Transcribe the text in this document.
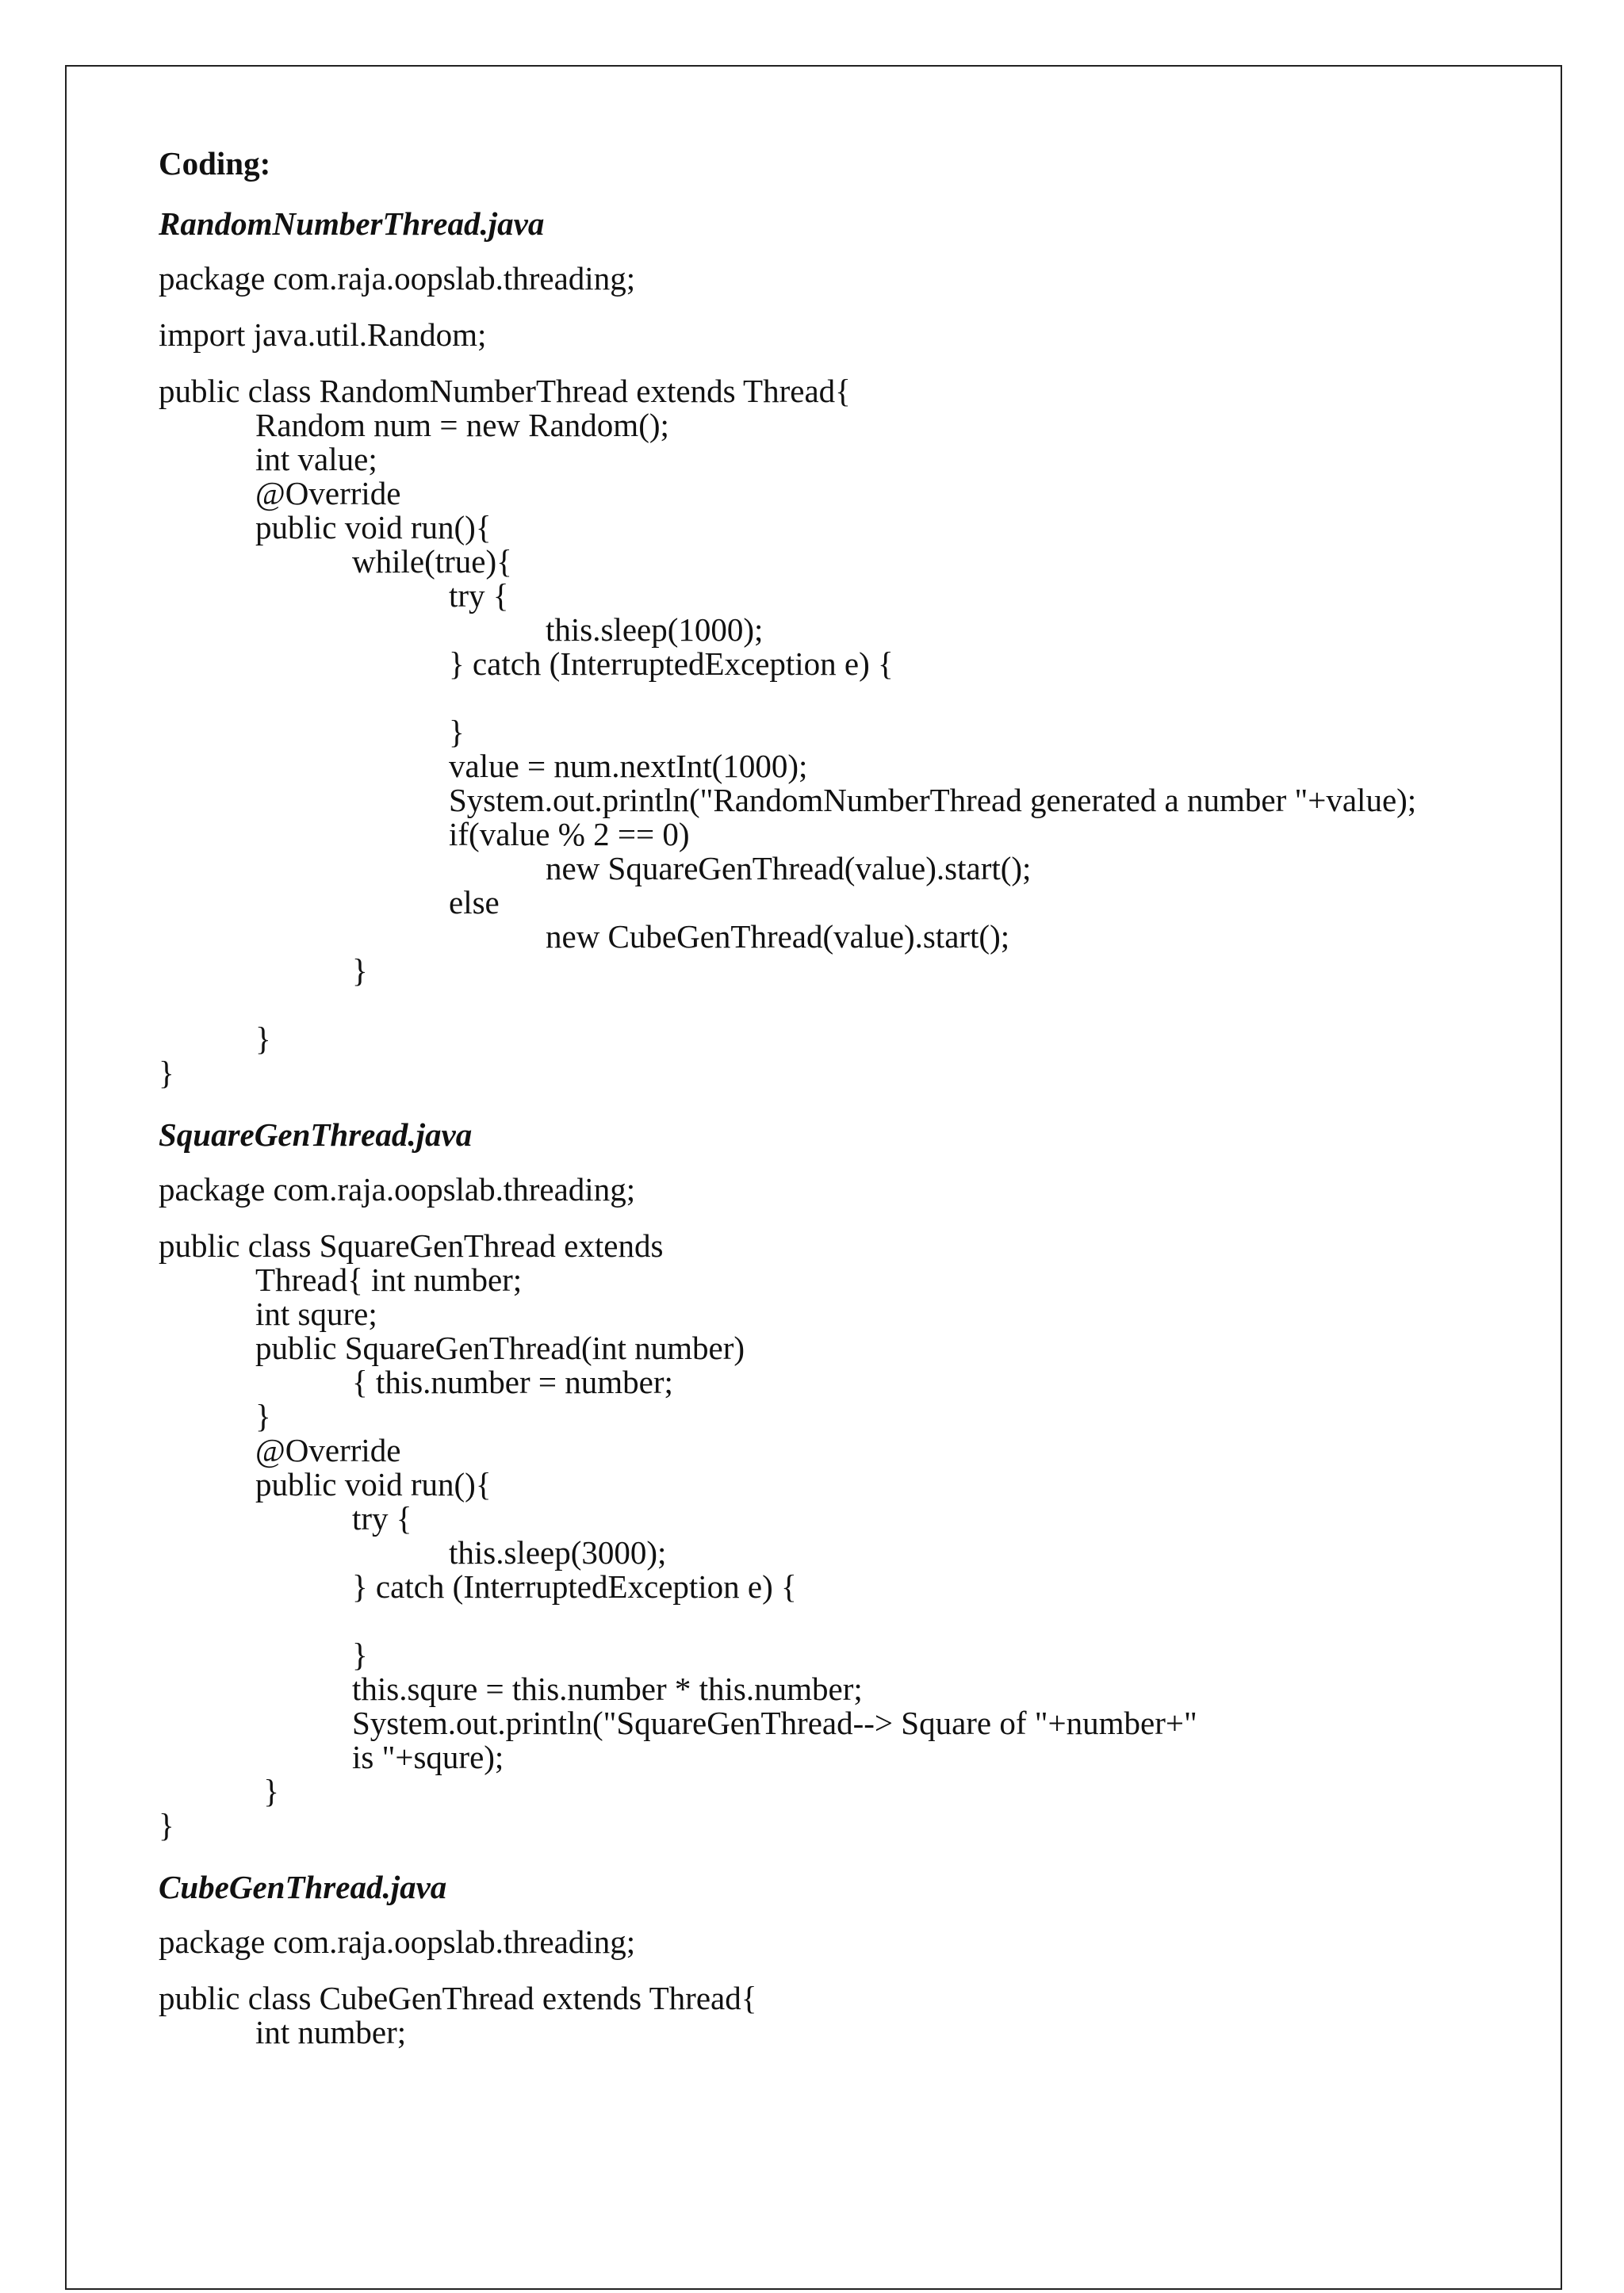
Coding:

RandomNumberThread.java

package com.raja.oopslab.threading;

import java.util.Random;

public class RandomNumberThread extends Thread{

Random num = new Random();

int value;

@Override

public void run(){

while(true){

try {

this.sleep(1000);

} catch (InterruptedException e) {

}

value = num.nextInt(1000);

System.out.println("RandomNumberThread generated a number "+value);

if(value % 2 == 0)

new SquareGenThread(value).start();

else

new CubeGenThread(value).start();

}

}

}

SquareGenThread.java

package com.raja.oopslab.threading;

public class SquareGenThread extends

Thread{ int number;

int squre;

public SquareGenThread(int number)

{ this.number = number;

}

@Override

public void run(){

try {

this.sleep(3000);

} catch (InterruptedException e) {

}

this.squre = this.number * this.number;

System.out.println("SquareGenThread--> Square of "+number+"

is "+squre);

}

}

CubeGenThread.java

package com.raja.oopslab.threading;

public class CubeGenThread extends Thread{

int number;
